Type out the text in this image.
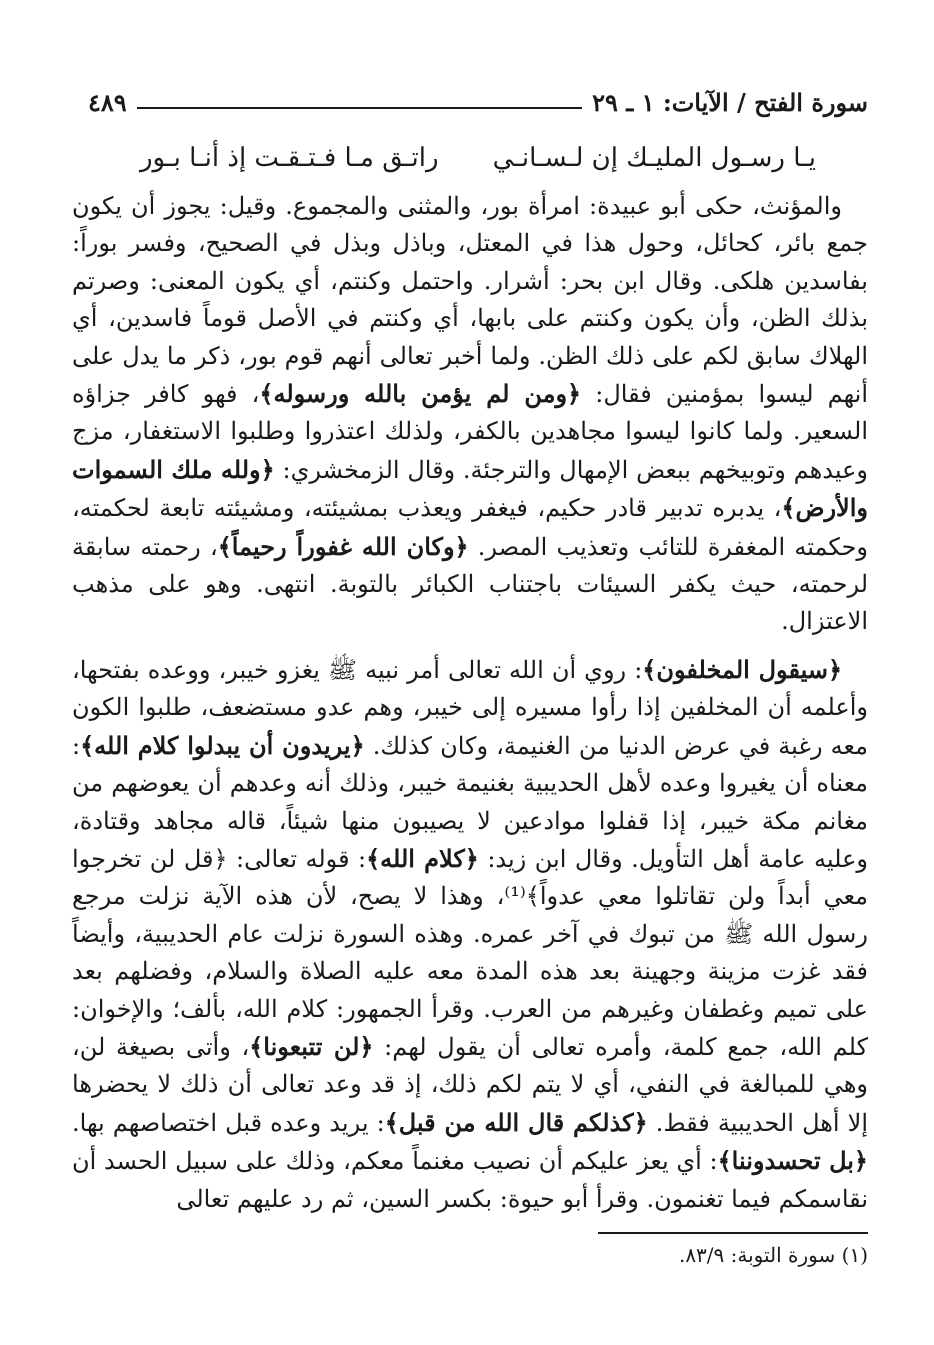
سورة الفتح / الآيات: ١ ـ ٢٩
٤٨٩
يـا رسـول المليـك إن لـسـانـي
راتـق مـا فـتـقـت إذ أنـا بـور

والمؤنث، حكى أبو عبيدة: امرأة بور، والمثنى والمجموع. وقيل: يجوز أن يكون جمع بائر، كحائل، وحول هذا في المعتل، وباذل وبذل في الصحيح، وفسر بوراً: بفاسدين هلكى. وقال ابن بحر: أشرار. واحتمل وكنتم، أي يكون المعنى: وصرتم بذلك الظن، وأن يكون وكنتم على بابها، أي وكنتم في الأصل قوماً فاسدين، أي الهلاك سابق لكم على ذلك الظن. ولما أخبر تعالى أنهم قوم بور، ذكر ما يدل على أنهم ليسوا بمؤمنين فقال: ﴿ومن لم يؤمن بالله ورسوله﴾، فهو كافر جزاؤه السعير. ولما كانوا ليسوا مجاهدين بالكفر، ولذلك اعتذروا وطلبوا الاستغفار، مزج وعيدهم وتوبيخهم ببعض الإمهال والترجئة. وقال الزمخشري: ﴿ولله ملك السموات والأرض﴾، يدبره تدبير قادر حكيم، فيغفر ويعذب بمشيئته، ومشيئته تابعة لحكمته، وحكمته المغفرة للتائب وتعذيب المصر. ﴿وكان الله غفوراً رحيماً﴾، رحمته سابقة لرحمته، حيث يكفر السيئات باجتناب الكبائر بالتوبة. انتهى. وهو على مذهب الاعتزال.

﴿سيقول المخلفون﴾: روي أن الله تعالى أمر نبيه ﷺ يغزو خيبر، ووعده بفتحها، وأعلمه أن المخلفين إذا رأوا مسيره إلى خيبر، وهم عدو مستضعف، طلبوا الكون معه رغبة في عرض الدنيا من الغنيمة، وكان كذلك. ﴿يريدون أن يبدلوا كلام الله﴾: معناه أن يغيروا وعده لأهل الحديبية بغنيمة خيبر، وذلك أنه وعدهم أن يعوضهم من مغانم مكة خيبر، إذا قفلوا موادعين لا يصيبون منها شيئاً، قاله مجاهد وقتادة، وعليه عامة أهل التأويل. وقال ابن زيد: ﴿كلام الله﴾: قوله تعالى: ﴿قل لن تخرجوا معي أبداً ولن تقاتلوا معي عدواً﴾⁽¹⁾، وهذا لا يصح، لأن هذه الآية نزلت مرجع رسول الله ﷺ من تبوك في آخر عمره. وهذه السورة نزلت عام الحديبية، وأيضاً فقد غزت مزينة وجهينة بعد هذه المدة معه عليه الصلاة والسلام، وفضلهم بعد على تميم وغطفان وغيرهم من العرب. وقرأ الجمهور: كلام الله، بألف؛ والإخوان: كلم الله، جمع كلمة، وأمره تعالى أن يقول لهم: ﴿لن تتبعونا﴾، وأتى بصيغة لن، وهي للمبالغة في النفي، أي لا يتم لكم ذلك، إذ قد وعد تعالى أن ذلك لا يحضرها إلا أهل الحديبية فقط. ﴿كذلكم قال الله من قبل﴾: يريد وعده قبل اختصاصهم بها. ﴿بل تحسدوننا﴾: أي يعز عليكم أن نصيب مغنماً معكم، وذلك على سبيل الحسد أن نقاسمكم فيما تغنمون. وقرأ أبو حيوة: بكسر السين، ثم رد عليهم تعالى

(١) سورة التوبة: ٨٣/٩.
